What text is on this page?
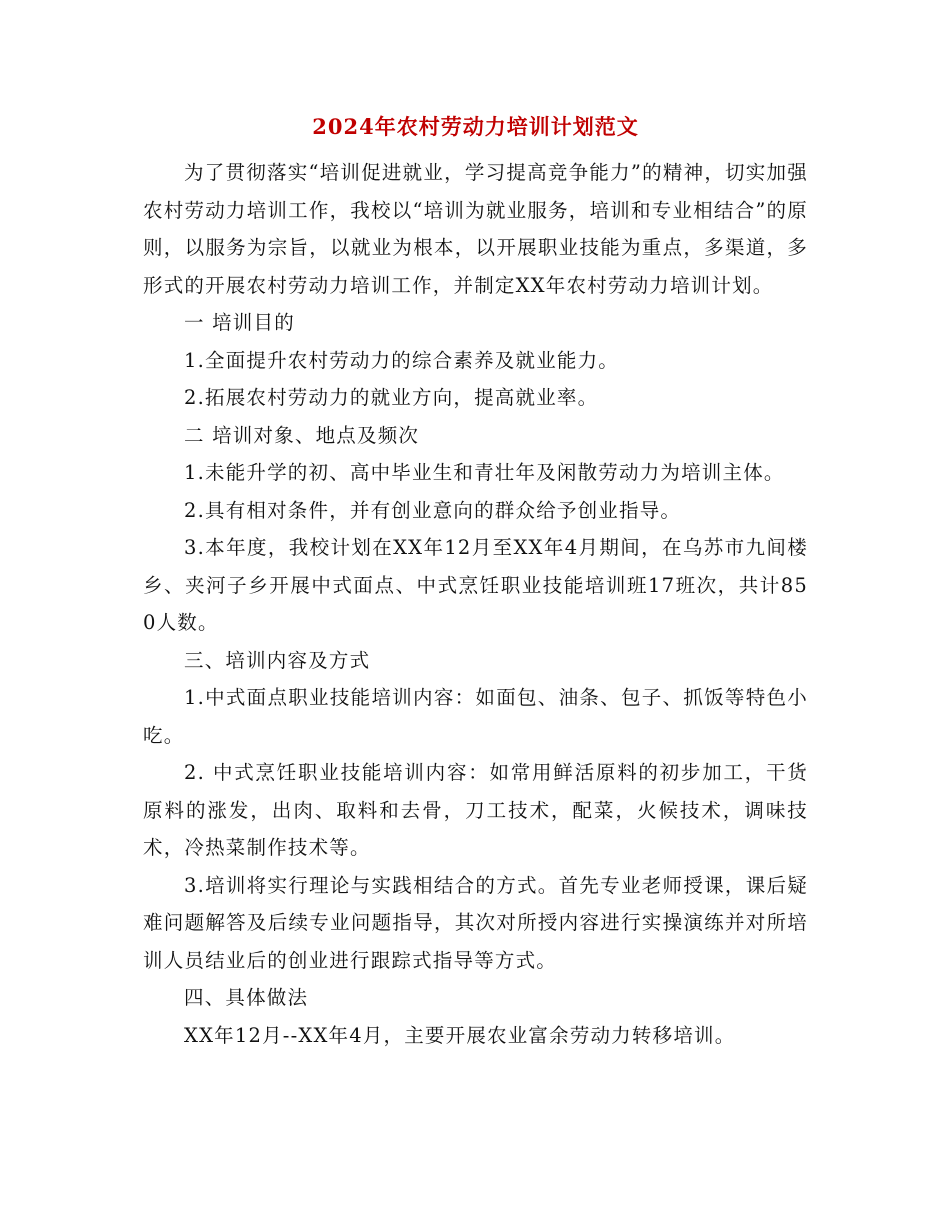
2024年农村劳动力培训计划范文

为了贯彻落实“培训促进就业，学习提高竞争能力”的精神，切实加强农村劳动力培训工作，我校以“培训为就业服务，培训和专业相结合”的原则，以服务为宗旨，以就业为根本，以开展职业技能为重点，多渠道，多形式的开展农村劳动力培训工作，并制定XX年农村劳动力培训计划。

一 培训目的

1.全面提升农村劳动力的综合素养及就业能力。

2.拓展农村劳动力的就业方向，提高就业率。

二 培训对象、地点及频次

1.未能升学的初、高中毕业生和青壮年及闲散劳动力为培训主体。

2.具有相对条件，并有创业意向的群众给予创业指导。

3.本年度，我校计划在XX年12月至XX年4月期间，在乌苏市九间楼乡、夹河子乡开展中式面点、中式烹饪职业技能培训班17班次，共计850人数。

三、培训内容及方式

1.中式面点职业技能培训内容：如面包、油条、包子、抓饭等特色小吃。

2. 中式烹饪职业技能培训内容：如常用鲜活原料的初步加工，干货原料的涨发，出肉、取料和去骨，刀工技术，配菜，火候技术，调味技术，冷热菜制作技术等。

3.培训将实行理论与实践相结合的方式。首先专业老师授课，课后疑难问题解答及后续专业问题指导，其次对所授内容进行实操演练并对所培训人员结业后的创业进行跟踪式指导等方式。

四、具体做法

XX年12月--XX年4月，主要开展农业富余劳动力转移培训。
